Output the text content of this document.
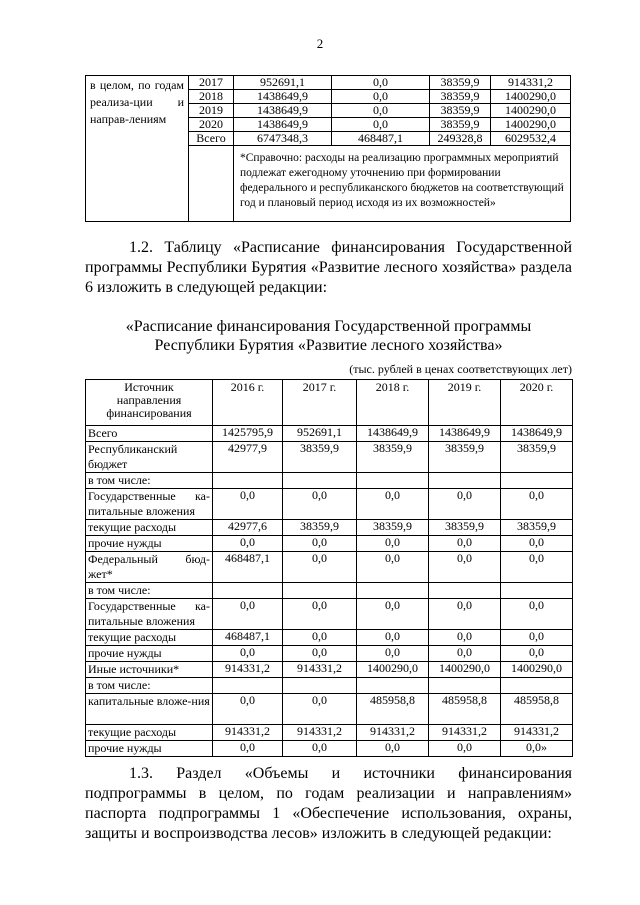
2
в целом, по годам реализа-ции и направ-лениям	2017	952691,1	0,0	38359,9	914331,2
	2018	1438649,9	0,0	38359,9	1400290,0
	2019	1438649,9	0,0	38359,9	1400290,0
	2020	1438649,9	0,0	38359,9	1400290,0
	Всего	6747348,3	468487,1	249328,8	6029532,4
		*Справочно: расходы на реализацию программных мероприятий подлежат ежегодному уточнению при формировании федерального и республиканского бюджетов на соответствующий год и плановый период исходя из их возможностей»			
1.2. Таблицу «Расписание финансирования Государственной программы Республики Бурятия «Развитие лесного хозяйства» раздела 6 изложить в следующей редакции:
«Расписание финансирования Государственной программы
Республики Бурятия «Развитие лесного хозяйства»
(тыс. рублей в ценах соответствующих лет)
Источник направления финансирования	2016 г.	2017 г.	2018 г.	2019 г.	2020 г.
Всего	1425795,9	952691,1	1438649,9	1438649,9	1438649,9
Республиканский бюджет	42977,9	38359,9	38359,9	38359,9	38359,9
в том числе:					
Государственные ка-питальные вложения	0,0	0,0	0,0	0,0	0,0
текущие расходы	42977,6	38359,9	38359,9	38359,9	38359,9
прочие нужды	0,0	0,0	0,0	0,0	0,0
Федеральный бюд-жет*	468487,1	0,0	0,0	0,0	0,0
в том числе:					
Государственные ка-питальные вложения	0,0	0,0	0,0	0,0	0,0
текущие расходы	468487,1	0,0	0,0	0,0	0,0
прочие нужды	0,0	0,0	0,0	0,0	0,0
Иные источники*	914331,2	914331,2	1400290,0	1400290,0	1400290,0
в том числе:					
капитальные вложе-ния	0,0	0,0	485958,8	485958,8	485958,8
текущие расходы	914331,2	914331,2	914331,2	914331,2	914331,2
прочие нужды	0,0	0,0	0,0	0,0	0,0»
1.3. Раздел «Объемы и источники финансирования подпрограммы в целом, по годам реализации и направлениям» паспорта подпрограммы 1 «Обеспечение использования, охраны, защиты и воспроизводства лесов» изложить в следующей редакции:
